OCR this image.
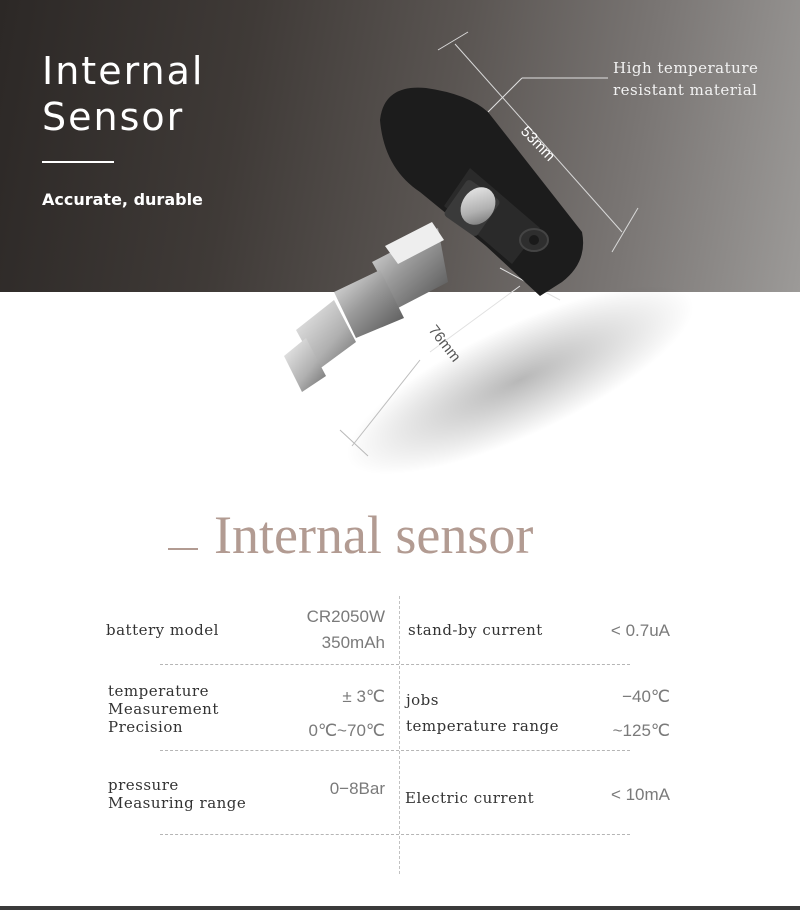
Internal
Sensor
Accurate, durable
High temperature
resistant material
53mm
76mm
Internal sensor
battery model
CR2050W
350mAh
stand-by current	< 0.7uA
temperature
Measurement
Precision
± 3℃
0℃~70℃
jobs
temperature range
−40℃
~125℃
pressure
Measuring range
0−8Bar Electric current	< 10mA
